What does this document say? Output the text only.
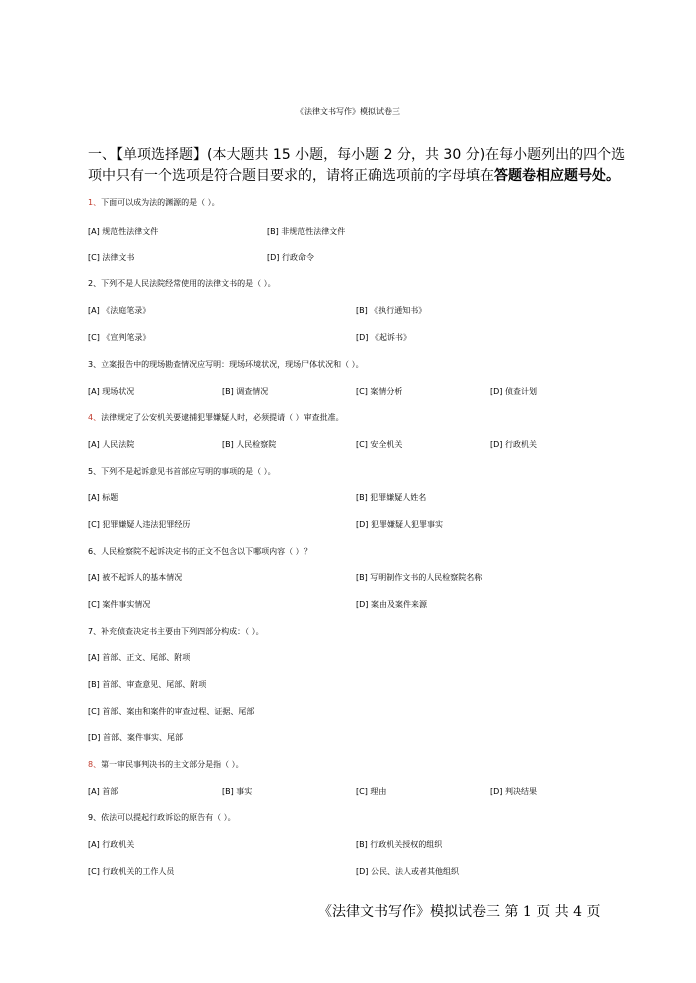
《法律文书写作》模拟试卷三
一、【单项选择题】(本大题共 15 小题，每小题 2 分，共 30 分)在每小题列出的四个选项中只有一个选项是符合题目要求的，请将正确选项前的字母填在答题卷相应题号处。
1、下面可以成为法的渊源的是（ ）。
[A] 规范性法律文件	[B] 非规范性法律文件
[C] 法律文书	[D] 行政命令
2、下列不是人民法院经常使用的法律文书的是（ ）。
[A] 《法庭笔录》	[B] 《执行通知书》
[C] 《宣判笔录》	[D] 《起诉书》
3、立案报告中的现场勘查情况应写明：现场环境状况，现场尸体状况和（ ）。
[A] 现场状况	[B] 调查情况	[C] 案情分析	[D] 侦查计划
4、法律规定了公安机关要逮捕犯罪嫌疑人时，必须提请（ ）审查批准。
[A] 人民法院	[B] 人民检察院	[C] 安全机关	[D] 行政机关
5、下列不是起诉意见书首部应写明的事项的是（ ）。
[A] 标题	[B] 犯罪嫌疑人姓名
[C] 犯罪嫌疑人违法犯罪经历	[D] 犯罪嫌疑人犯罪事实
6、人民检察院不起诉决定书的正文不包含以下哪项内容（ ）？
[A] 被不起诉人的基本情况	[B] 写明制作文书的人民检察院名称
[C] 案件事实情况	[D] 案由及案件来源
7、补充侦查决定书主要由下列四部分构成：（ ）。
[A] 首部、正文、尾部、附项
[B] 首部、审查意见、尾部、附项
[C] 首部、案由和案件的审查过程、证据、尾部
[D] 首部、案件事实、尾部
8、第一审民事判决书的主文部分是指（ ）。
[A] 首部	[B] 事实	[C] 理由	[D] 判决结果
9、依法可以提起行政诉讼的原告有（ ）。
[A] 行政机关	[B] 行政机关授权的组织
[C] 行政机关的工作人员	[D] 公民、法人或者其他组织
《法律文书写作》模拟试卷三 第 1 页 共 4 页
